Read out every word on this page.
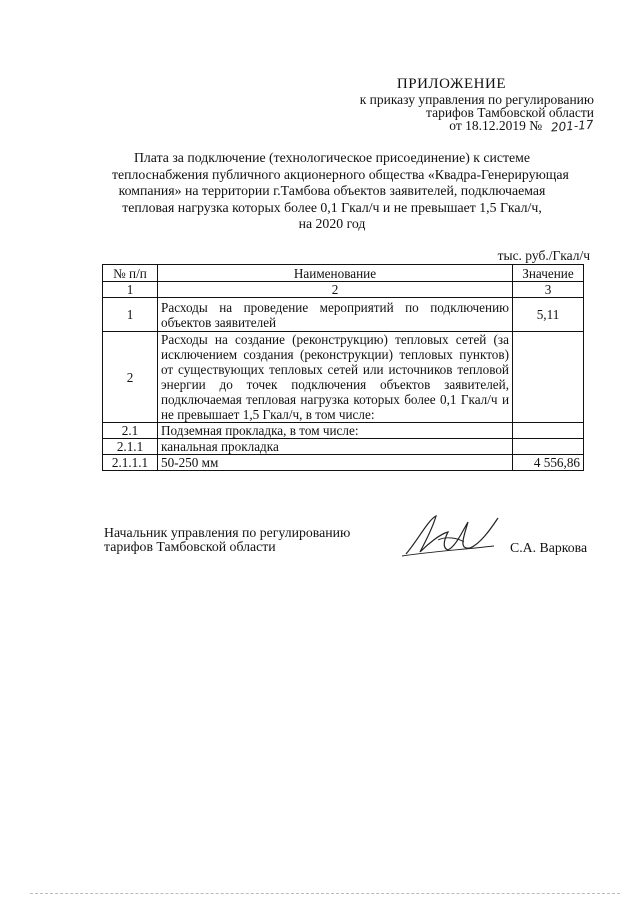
ПРИЛОЖЕНИЕ
к приказу управления по регулированию
тарифов Тамбовской области
от 18.12.2019 № 201-17
Плата за подключение (технологическое присоединение) к системе
теплоснабжения публичного акционерного общества «Квадра-Генерирующая
компания» на территории г.Тамбова объектов заявителей, подключаемая
тепловая нагрузка которых более 0,1 Гкал/ч и не превышает 1,5 Гкал/ч,
на 2020 год
тыс. руб./Гкал/ч
№ п/п	Наименование	Значение
1	2	3
1	Расходы на проведение мероприятий по подключению объектов заявителей	5,11
2	Расходы на создание (реконструкцию) тепловых сетей (за исключением создания (реконструкции) тепловых пунктов) от существующих тепловых сетей или источников тепловой энергии до точек подключения объектов заявителей, подключаемая тепловая нагрузка которых более 0,1 Гкал/ч и не превышает 1,5 Гкал/ч, в том числе:	
2.1	Подземная прокладка, в том числе:	
2.1.1	канальная прокладка	
2.1.1.1	50-250 мм	4 556,86
Начальник управления по регулированию
тарифов Тамбовской области	С.А. Варкова
